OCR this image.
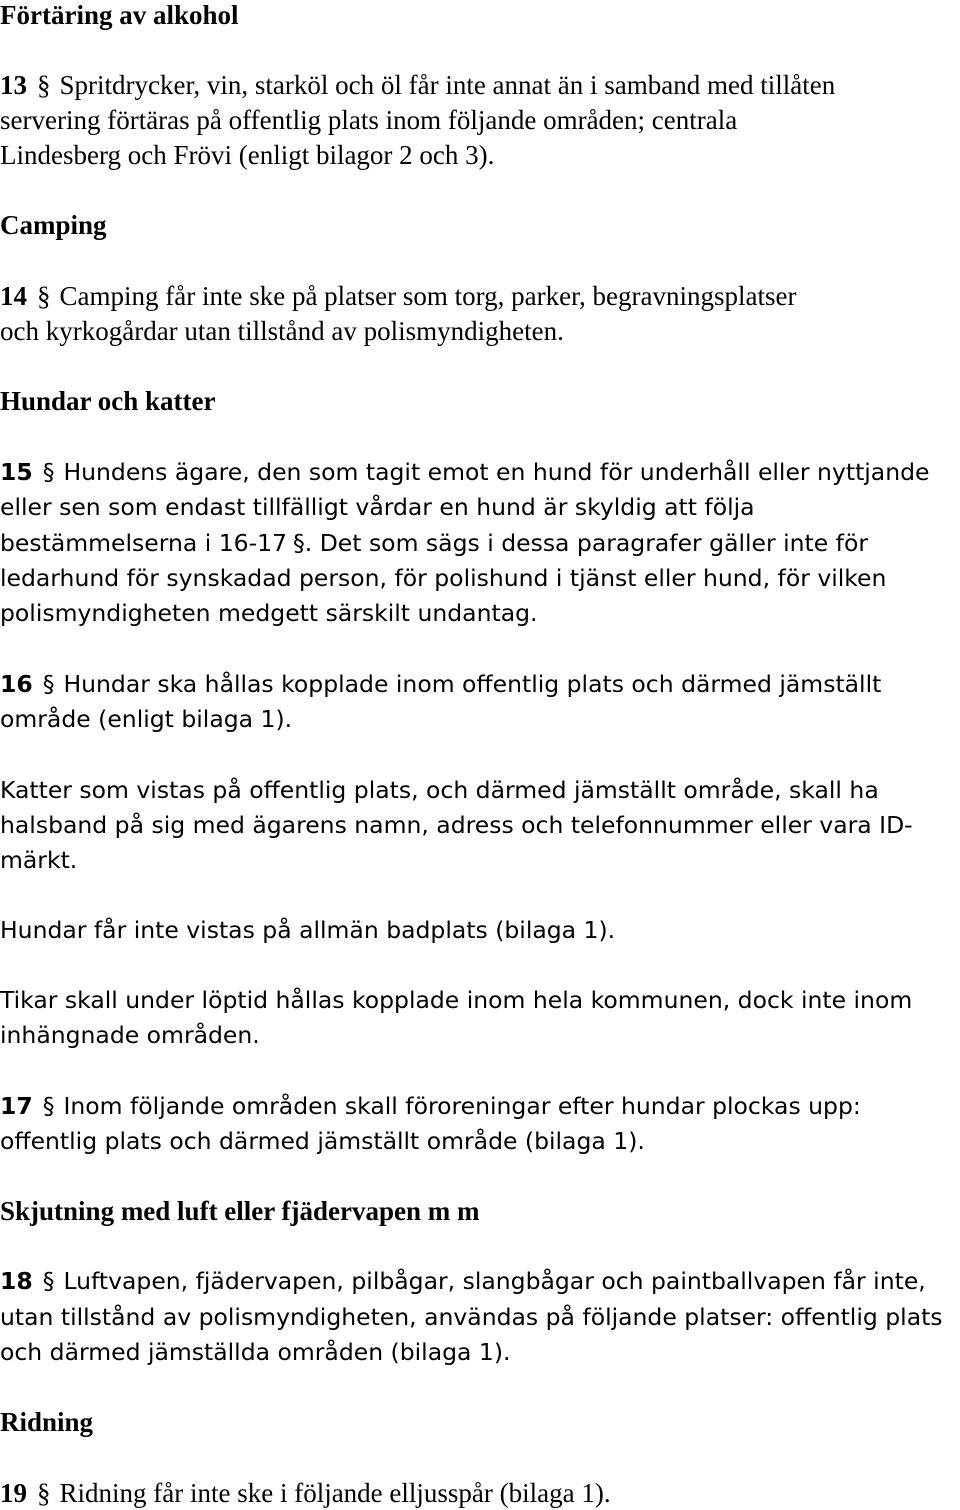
Förtäring av alkohol
13 § Spritdrycker, vin, starköl och öl får inte annat än i samband med tillåten
servering förtäras på offentlig plats inom följande områden; centrala
Lindesberg och Frövi (enligt bilagor 2 och 3).
Camping
14 § Camping får inte ske på platser som torg, parker, begravningsplatser
och kyrkogårdar utan tillstånd av polismyndigheten.
Hundar och katter
15 § Hundens ägare, den som tagit emot en hund för underhåll eller nyttjande
eller sen som endast tillfälligt vårdar en hund är skyldig att följa
bestämmelserna i 16-17 §. Det som sägs i dessa paragrafer gäller inte för
ledarhund för synskadad person, för polishund i tjänst eller hund, för vilken
polismyndigheten medgett särskilt undantag.
16 § Hundar ska hållas kopplade inom offentlig plats och därmed jämställt
område (enligt bilaga 1).
Katter som vistas på offentlig plats, och därmed jämställt område, skall ha
halsband på sig med ägarens namn, adress och telefonnummer eller vara ID-
märkt.
Hundar får inte vistas på allmän badplats (bilaga 1).
Tikar skall under löptid hållas kopplade inom hela kommunen, dock inte inom
inhängnade områden.
17 § Inom följande områden skall föroreningar efter hundar plockas upp:
offentlig plats och därmed jämställt område (bilaga 1).
Skjutning med luft eller fjädervapen m m
18 § Luftvapen, fjädervapen, pilbågar, slangbågar och paintballvapen får inte,
utan tillstånd av polismyndigheten, användas på följande platser: offentlig plats
och därmed jämställda områden (bilaga 1).
Ridning
19 § Ridning får inte ske i följande elljusspår (bilaga 1).
